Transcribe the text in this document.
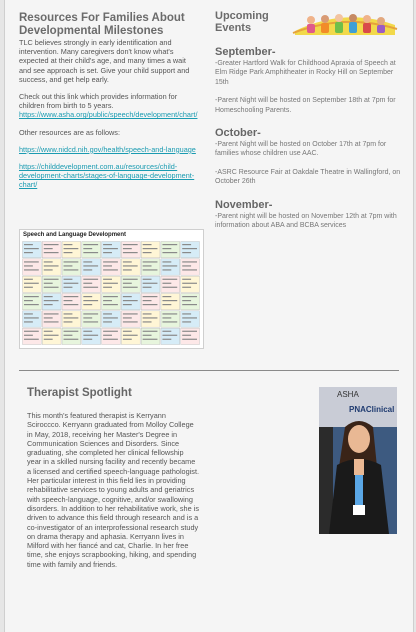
Resources For Families About Developmental Milestones

TLC believes strongly in early identification and intervention. Many caregivers don't know what's expected at their child's age, and many times a wait and see approach is set. Give your child support and success, and get help early.

Check out this link which provides information for children from birth to 5 years.

https://www.asha.org/public/speech/development/chart/

Other resources are as follows:

https://www.nidcd.nih.gov/health/speech-and-language
https://childdevelopment.com.au/resources/child-development-charts/stages-of-language-development-chart/
Speech and Language Development
Upcoming Events
September-

-Greater Hartford Walk for Childhood Apraxia of Speech at Elm Ridge Park Amphitheater in Rocky Hill on September 15th

-Parent Night will be hosted on September 18th at 7pm for Homeschooling Parents.

October-

-Parent Night will be hosted on October 17th at 7pm for families whose children use AAC.

-ASRC Resource Fair at Oakdale Theatre in Wallingford, on October 26th

November-

-Parent night will be hosted on November 12th at 7pm with information about ABA and BCBA services

Therapist Spotlight

This month's featured therapist is Kerryann Sciroccco. Kerryann graduated from Molloy College in May, 2018, receiving her Master's Degree in Communication Sciences and Disorders. Since graduating, she completed her clinical fellowship year in a skilled nursing facility and recently became a licensed and certified speech-language pathologist. Her particular interest in this field lies in providing rehabilitative services to young adults and geriatrics with speech-language, cognitive, and/or swallowing disorders. In addition to her rehabilitative work, she is driven to advance this field through research and is a co-investigator of an interprofessional research study on drama therapy and aphasia. Kerryann lives in Milford with her fiancé and cat, Charlie. In her free time, she enjoys scrapbooking, hiking, and spending time with family and friends.

ASHA
PNAClinical
